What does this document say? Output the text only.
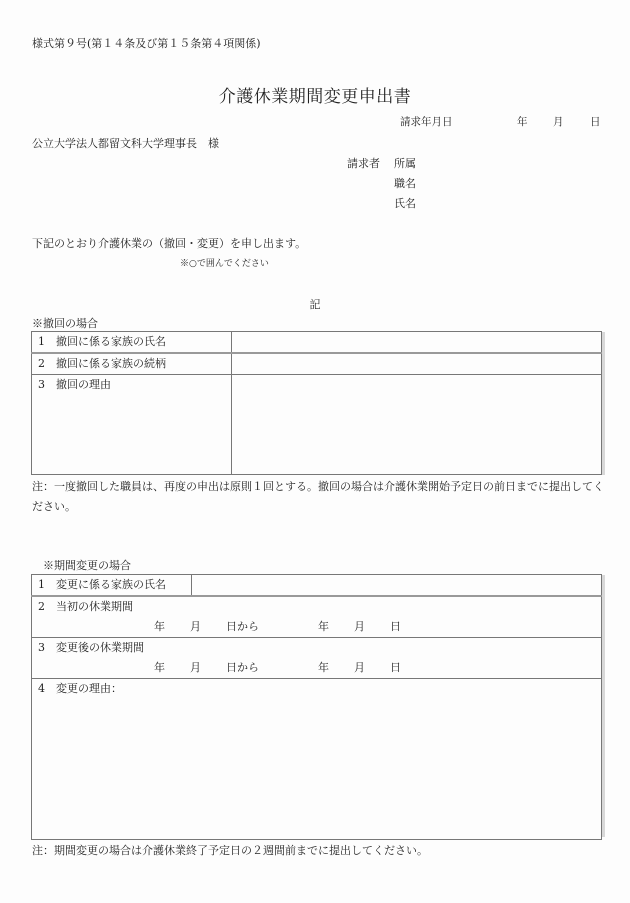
様式第９号(第１４条及び第１５条第４項関係)
介護休業期間変更申出書
請求年月日	年 月	日
公立大学法人都留文科大学理事長　様
請求者 所属
職名
氏名
下記のとおり介護休業の（撤回・変更）を申し出ます。
※○で囲んでください
記
※撤回の場合
1　撤回に係る家族の氏名	
2　撤回に係る家族の続柄	
3　撤回の理由	
注：一度撤回した職員は、再度の申出は原則１回とする。撤回の場合は介護休業開始予定日の前日までに提出してください。
※期間変更の場合
1　変更に係る家族の氏名

2　当初の休業期間
年 月 日から	年 月 日

3　変更後の休業期間
年 月 日から	年 月 日

4　変更の理由：
注：期間変更の場合は介護休業終了予定日の２週間前までに提出してください。
